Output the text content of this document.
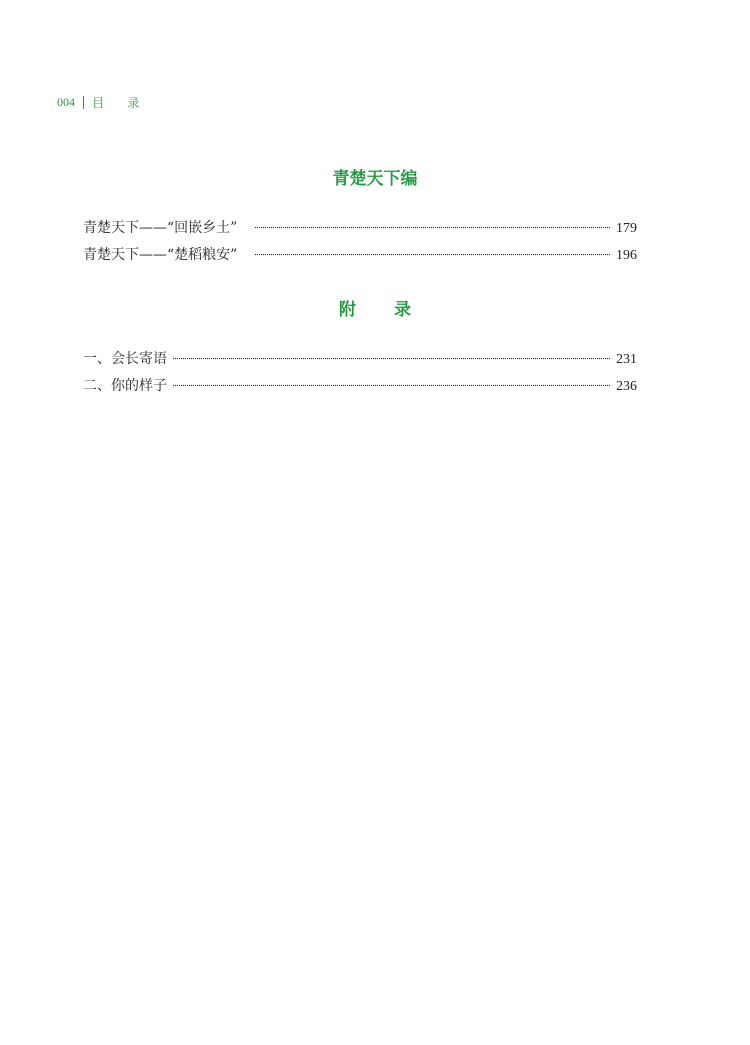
004 目 录
青楚天下编
青楚天下——“回嵌乡土”	179
青楚天下——“楚稻粮安”	196
附 录
一、会长寄语	231
二、你的样子	236
